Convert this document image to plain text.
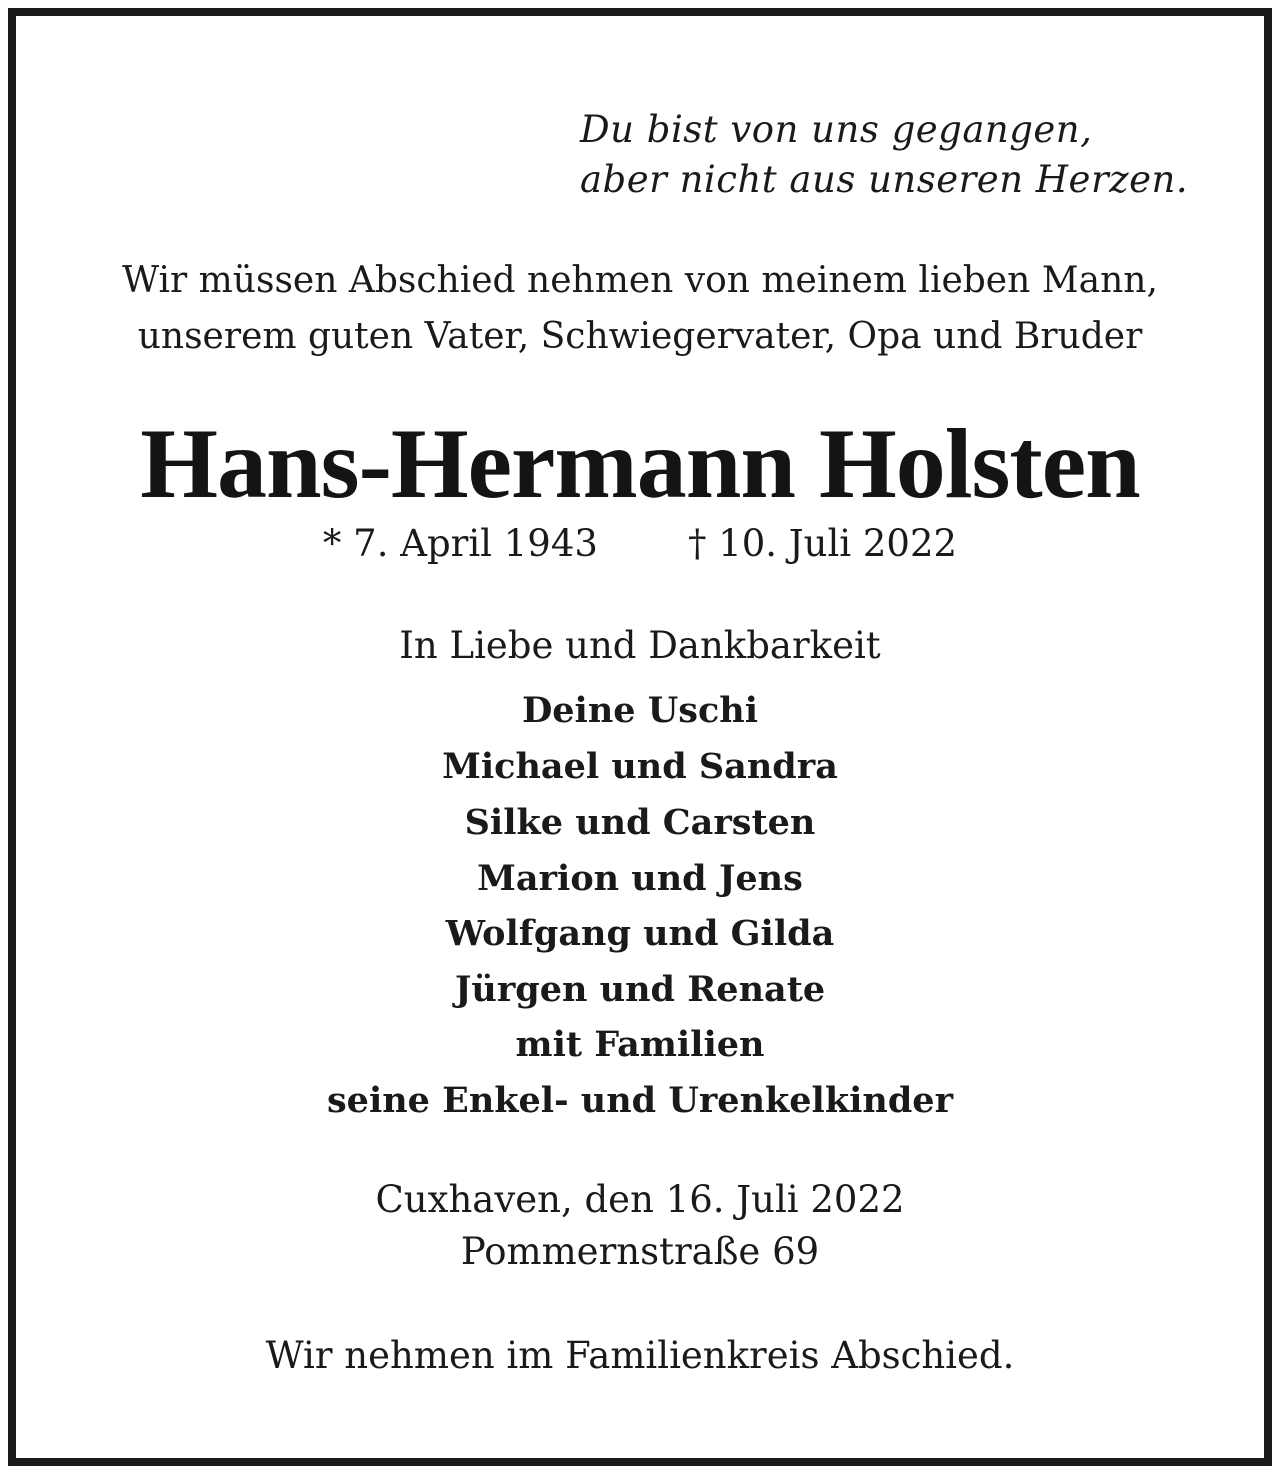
Du bist von uns gegangen,
aber nicht aus unseren Herzen.
Wir müssen Abschied nehmen von meinem lieben Mann,
unserem guten Vater, Schwiegervater, Opa und Bruder
Hans-Hermann Holsten
* 7. April 1943 † 10. Juli 2022
In Liebe und Dankbarkeit
Deine Uschi
Michael und Sandra
Silke und Carsten
Marion und Jens
Wolfgang und Gilda
Jürgen und Renate
mit Familien
seine Enkel- und Urenkelkinder
Cuxhaven, den 16. Juli 2022
Pommernstraße 69
Wir nehmen im Familienkreis Abschied.
